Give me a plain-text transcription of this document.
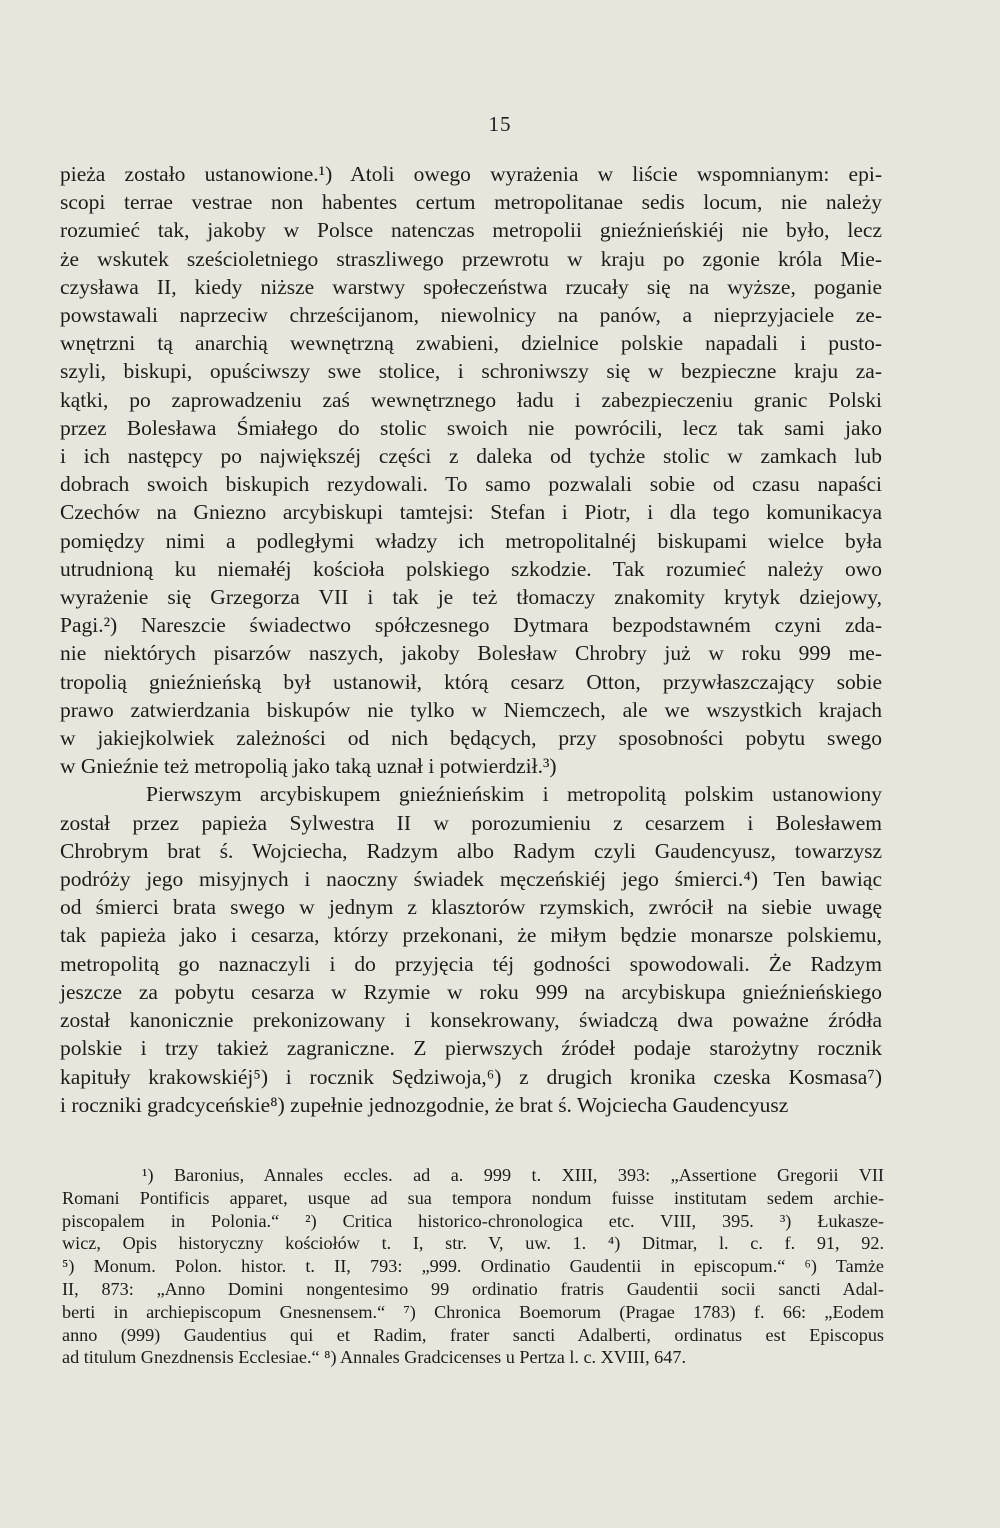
15
pieża zostało ustanowione.¹) Atoli owego wyrażenia w liście wspomnianym: epi-
scopi terrae vestrae non habentes certum metropolitanae sedis locum, nie należy
rozumieć tak, jakoby w Polsce natenczas metropolii gnieźnieńskiéj nie było, lecz
że wskutek sześcioletniego straszliwego przewrotu w kraju po zgonie króla Mie-
czysława II, kiedy niższe warstwy społeczeństwa rzucały się na wyższe, poganie
powstawali naprzeciw chrześcijanom, niewolnicy na panów, a nieprzyjaciele ze-
wnętrzni tą anarchią wewnętrzną zwabieni, dzielnice polskie napadali i pusto-
szyli, biskupi, opuściwszy swe stolice, i schroniwszy się w bezpieczne kraju za-
kątki, po zaprowadzeniu zaś wewnętrznego ładu i zabezpieczeniu granic Polski
przez Bolesława Śmiałego do stolic swoich nie powrócili, lecz tak sami jako
i ich następcy po największéj części z daleka od tychże stolic w zamkach lub
dobrach swoich biskupich rezydowali. To samo pozwalali sobie od czasu napaści
Czechów na Gniezno arcybiskupi tamtejsi: Stefan i Piotr, i dla tego komunikacya
pomiędzy nimi a podległymi władzy ich metropolitalnéj biskupami wielce była
utrudnioną ku niemałéj kościoła polskiego szkodzie. Tak rozumieć należy owo
wyrażenie się Grzegorza VII i tak je też tłomaczy znakomity krytyk dziejowy,
Pagi.²) Nareszcie świadectwo spółczesnego Dytmara bezpodstawném czyni zda-
nie niektórych pisarzów naszych, jakoby Bolesław Chrobry już w roku 999 me-
tropolią gnieźnieńską był ustanowił, którą cesarz Otton, przywłaszczający sobie
prawo zatwierdzania biskupów nie tylko w Niemczech, ale we wszystkich krajach
w jakiejkolwiek zależności od nich będących, przy sposobności pobytu swego
w Gnieźnie też metropolią jako taką uznał i potwierdził.³)
Pierwszym arcybiskupem gnieźnieńskim i metropolitą polskim ustanowiony
został przez papieża Sylwestra II w porozumieniu z cesarzem i Bolesławem
Chrobrym brat ś. Wojciecha, Radzym albo Radym czyli Gaudencyusz, towarzysz
podróży jego misyjnych i naoczny świadek męczeńskiéj jego śmierci.⁴) Ten bawiąc
od śmierci brata swego w jednym z klasztorów rzymskich, zwrócił na siebie uwagę
tak papieża jako i cesarza, którzy przekonani, że miłym będzie monarsze polskiemu,
metropolitą go naznaczyli i do przyjęcia téj godności spowodowali. Że Radzym
jeszcze za pobytu cesarza w Rzymie w roku 999 na arcybiskupa gnieźnieńskiego
został kanonicznie prekonizowany i konsekrowany, świadczą dwa poważne źródła
polskie i trzy takież zagraniczne. Z pierwszych źródeł podaje starożytny rocznik
kapituły krakowskiéj⁵) i rocznik Sędziwoja,⁶) z drugich kronika czeska Kosmasa⁷)
i roczniki gradcyceńskie⁸) zupełnie jednozgodnie, że brat ś. Wojciecha Gaudencyusz
¹) Baronius, Annales eccles. ad a. 999 t. XIII, 393: „Assertione Gregorii VII
Romani Pontificis apparet, usque ad sua tempora nondum fuisse institutam sedem archie-
piscopalem in Polonia.“ ²) Critica historico-chronologica etc. VIII, 395. ³) Łukasze-
wicz, Opis historyczny kościołów t. I, str. V, uw. 1. ⁴) Ditmar, l. c. f. 91, 92.
⁵) Monum. Polon. histor. t. II, 793: „999. Ordinatio Gaudentii in episcopum.“ ⁶) Tamże
II, 873: „Anno Domini nongentesimo 99 ordinatio fratris Gaudentii socii sancti Adal-
berti in archiepiscopum Gnesnensem.“ ⁷) Chronica Boemorum (Pragae 1783) f. 66: „Eodem
anno (999) Gaudentius qui et Radim, frater sancti Adalberti, ordinatus est Episcopus
ad titulum Gnezdnensis Ecclesiae.“ ⁸) Annales Gradcicenses u Pertza l. c. XVIII, 647.
